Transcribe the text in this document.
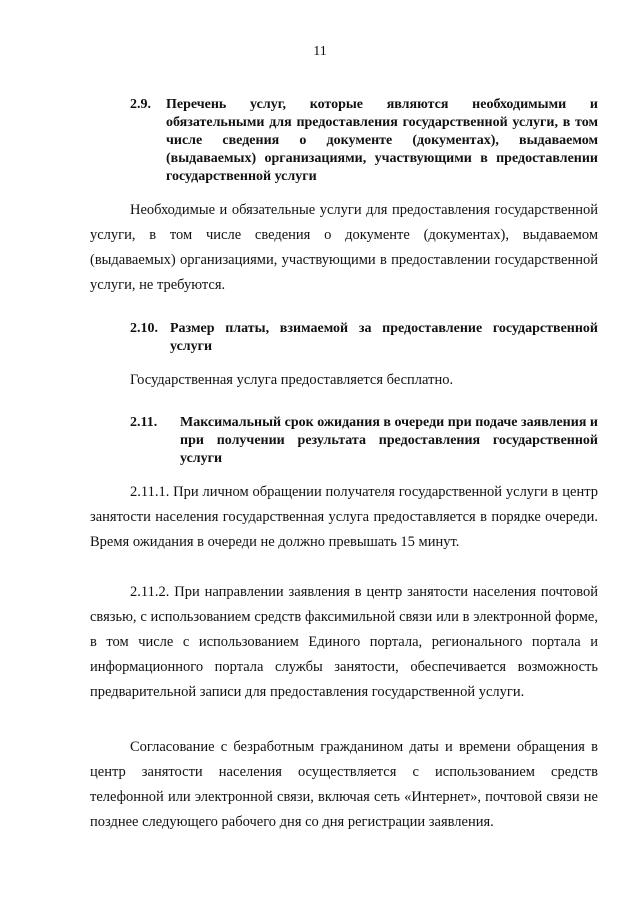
11
2.9.	Перечень услуг, которые являются необходимыми и обязательными для предоставления государственной услуги, в том числе сведения о документе (документах), выдаваемом (выдаваемых) организациями, участвующими в предоставлении государственной услуги
Необходимые и обязательные услуги для предоставления государственной услуги, в том числе сведения о документе (документах), выдаваемом (выдаваемых) организациями, участвующими в предоставлении государственной услуги, не требуются.
2.10. Размер платы, взимаемой за предоставление государственной услуги
Государственная услуга предоставляется бесплатно.
2.11.	Максимальный срок ожидания в очереди при подаче заявления и при получении результата предоставления государственной услуги
2.11.1. При личном обращении получателя государственной услуги в центр занятости населения государственная услуга предоставляется в порядке очереди. Время ожидания в очереди не должно превышать 15 минут.
2.11.2. При направлении заявления в центр занятости населения почтовой связью, с использованием средств факсимильной связи или в электронной форме, в том числе с использованием Единого портала, регионального портала и информационного портала службы занятости, обеспечивается возможность предварительной записи для предоставления государственной услуги.
Согласование с безработным гражданином даты и времени обращения в центр занятости населения осуществляется с использованием средств телефонной или электронной связи, включая сеть «Интернет», почтовой связи не позднее следующего рабочего дня со дня регистрации заявления.
